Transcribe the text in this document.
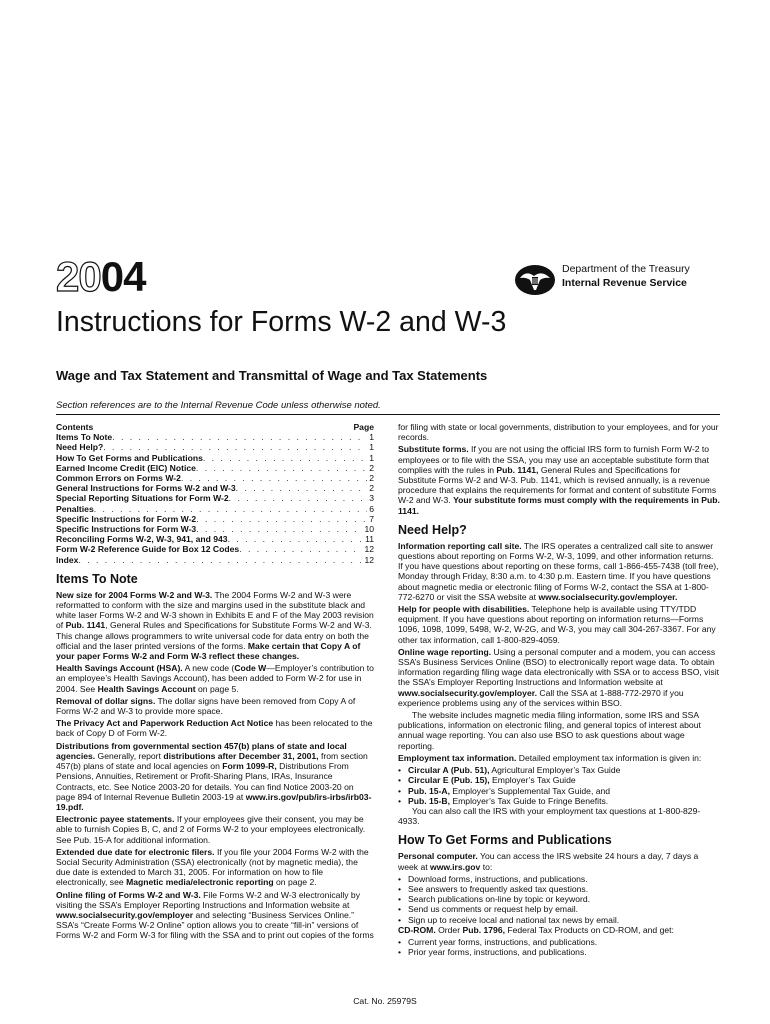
2004	Department of the Treasury
Internal Revenue Service
Instructions for Forms W-2 and W-3
Wage and Tax Statement and Transmittal of Wage and Tax Statements
Section references are to the Internal Revenue Code unless otherwise noted.
Contents	Page
Items To Note . . .	1
Need Help? . . .	1
How To Get Forms and Publications . . .	1
Earned Income Credit (EIC) Notice . . .	2
Common Errors on Forms W-2 . . .	2
General Instructions for Forms W-2 and W-3 . . .	2
Special Reporting Situations for Form W-2 . . .	3
Penalties . . .	6
Specific Instructions for Form W-2 . . .	7
Specific Instructions for Form W-3 . . .	10
Reconciling Forms W-2, W-3, 941, and 943 . . .	11
Form W-2 Reference Guide for Box 12 Codes . . .	12
Index . . .	12
Items To Note

New size for 2004 Forms W-2 and W-3. The 2004 Forms W-2 and W-3 were reformatted to conform with the size and margins used in the substitute black and white laser Forms W-2 and W-3 shown in Exhibits E and F of the May 2003 revision of Pub. 1141, General Rules and Specifications for Substitute Forms W-2 and W-3. This change allows programmers to write universal code for data entry on both the official and the laser printed versions of the forms. Make certain that Copy A of your paper Forms W-2 and Form W-3 reflect these changes.

Health Savings Account (HSA). A new code (Code W—Employer’s contribution to an employee’s Health Savings Account), has been added to Form W-2 for use in 2004. See Health Savings Account on page 5.

Removal of dollar signs. The dollar signs have been removed from Copy A of Forms W-2 and W-3 to provide more space.

The Privacy Act and Paperwork Reduction Act Notice has been relocated to the back of Copy D of Form W-2.

Distributions from governmental section 457(b) plans of state and local agencies. Generally, report distributions after December 31, 2001, from section 457(b) plans of state and local agencies on Form 1099-R, Distributions From Pensions, Annuities, Retirement or Profit-Sharing Plans, IRAs, Insurance Contracts, etc. See Notice 2003-20 for details. You can find Notice 2003-20 on page 894 of Internal Revenue Bulletin 2003-19 at www.irs.gov/pub/irs-irbs/irb03-19.pdf.

Electronic payee statements. If your employees give their consent, you may be able to furnish Copies B, C, and 2 of Forms W-2 to your employees electronically. See Pub. 15-A for additional information.

Extended due date for electronic filers. If you file your 2004 Forms W-2 with the Social Security Administration (SSA) electronically (not by magnetic media), the due date is extended to March 31, 2005. For information on how to file electronically, see Magnetic media/electronic reporting on page 2.

Online filing of Forms W-2 and W-3. File Forms W-2 and W-3 electronically by visiting the SSA’s Employer Reporting Instructions and Information website at www.socialsecurity.gov/employer and selecting “Business Services Online.” SSA’s “Create Forms W-2 Online” option allows you to create “fill-in” versions of Forms W-2 and Form W-3 for filing with the SSA and to print out copies of the forms

for filing with state or local governments, distribution to your employees, and for your records.

Substitute forms. If you are not using the official IRS form to furnish Form W-2 to employees or to file with the SSA, you may use an acceptable substitute form that complies with the rules in Pub. 1141, General Rules and Specifications for Substitute Forms W-2 and W-3. Pub. 1141, which is revised annually, is a revenue procedure that explains the requirements for format and content of substitute Forms W-2 and W-3. Your substitute forms must comply with the requirements in Pub. 1141.

Need Help?

Information reporting call site. The IRS operates a centralized call site to answer questions about reporting on Forms W-2, W-3, 1099, and other information returns. If you have questions about reporting on these forms, call 1-866-455-7438 (toll free), Monday through Friday, 8:30 a.m. to 4:30 p.m. Eastern time. If you have questions about magnetic media or electronic filing of Forms W-2, contact the SSA at 1-800-772-6270 or visit the SSA website at www.socialsecurity.gov/employer.

Help for people with disabilities. Telephone help is available using TTY/TDD equipment. If you have questions about reporting on information returns—Forms 1096, 1098, 1099, 5498, W-2, W-2G, and W-3, you may call 304-267-3367. For any other tax information, call 1-800-829-4059.

Online wage reporting. Using a personal computer and a modem, you can access SSA’s Business Services Online (BSO) to electronically report wage data. To obtain information regarding filing wage data electronically with SSA or to access BSO, visit the SSA’s Employer Reporting Instructions and Information website at www.socialsecurity.gov/employer. Call the SSA at 1-888-772-2970 if you experience problems using any of the services within BSO.

The website includes magnetic media filing information, some IRS and SSA publications, information on electronic filing, and general topics of interest about annual wage reporting. You can also use BSO to ask questions about wage reporting.

Employment tax information. Detailed employment tax information is given in:

• Circular A (Pub. 51), Agricultural Employer’s Tax Guide
• Circular E (Pub. 15), Employer’s Tax Guide
• Pub. 15-A, Employer’s Supplemental Tax Guide, and
• Pub. 15-B, Employer’s Tax Guide to Fringe Benefits.

You can also call the IRS with your employment tax questions at 1-800-829-4933.

How To Get Forms and Publications

Personal computer. You can access the IRS website 24 hours a day, 7 days a week at www.irs.gov to:

• Download forms, instructions, and publications.
• See answers to frequently asked tax questions.
• Search publications on-line by topic or keyword.
• Send us comments or request help by email.
• Sign up to receive local and national tax news by email.

CD-ROM. Order Pub. 1796, Federal Tax Products on CD-ROM, and get:

• Current year forms, instructions, and publications.
• Prior year forms, instructions, and publications.
Cat. No. 25979S
